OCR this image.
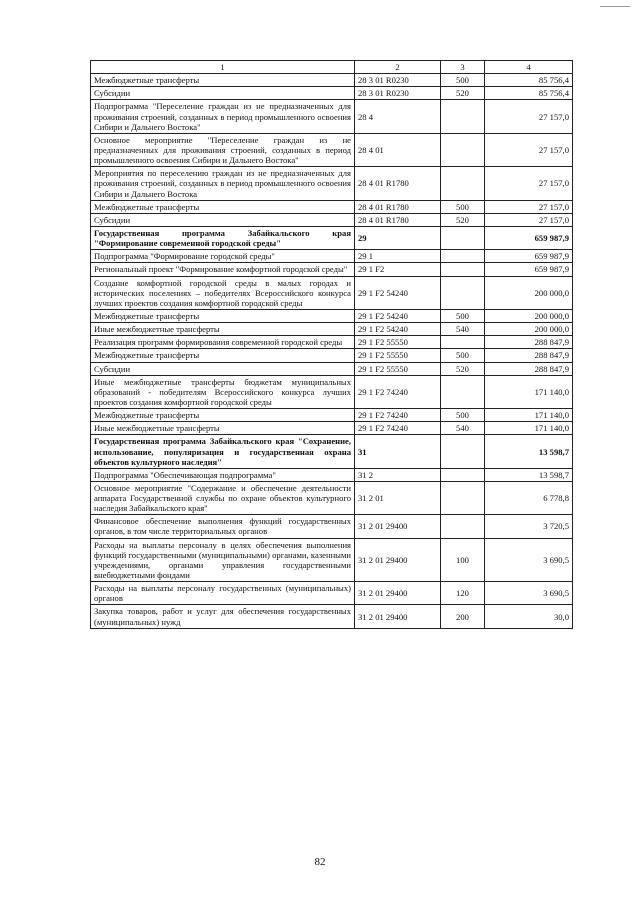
1	2	3	4
Межбюджетные трансферты	28 3 01 R0230	500	85 756,4
Субсидии	28 3 01 R0230	520	85 756,4
Подпрограмма "Переселение граждан из не предназначенных для проживания строений, созданных в период промышленного освоения Сибири и Дальнего Востока"	28 4		27 157,0
Основное мероприятие "Переселение граждан из не предназначенных для проживания строений, созданных в период промышленного освоения Сибири и Дальнего Востока"	28 4 01		27 157,0
Мероприятия по переселению граждан из не предназначенных для проживания строений, созданных в период промышленного освоения Сибири и Дальнего Востока	28 4 01 R1780		27 157,0
Межбюджетные трансферты	28 4 01 R1780	500	27 157,0
Субсидии	28 4 01 R1780	520	27 157,0
Государственная программа Забайкальского края "Формирование современной городской среды"	29		659 987,9
Подпрограмма "Формирование городской среды"	29 1		659 987,9
Региональный проект "Формирование комфортной городской среды"	29 1 F2		659 987,9
Создание комфортной городской среды в малых городах и исторических поселениях – победителях Всероссийского конкурса лучших проектов создания комфортной городской среды	29 1 F2 54240		200 000,0
Межбюджетные трансферты	29 1 F2 54240	500	200 000,0
Иные межбюджетные трансферты	29 1 F2 54240	540	200 000,0
Реализация программ формирования современной городской среды	29 1 F2 55550		288 847,9
Межбюджетные трансферты	29 1 F2 55550	500	288 847,9
Субсидии	29 1 F2 55550	520	288 847,9
Иные межбюджетные трансферты бюджетам муниципальных образований - победителям Всероссийского конкурса лучших проектов создания комфортной городской среды	29 1 F2 74240		171 140,0
Межбюджетные трансферты	29 1 F2 74240	500	171 140,0
Иные межбюджетные трансферты	29 1 F2 74240	540	171 140,0
Государственная программа Забайкальского края "Сохранение, использование, популяризация и государственная охрана объектов культурного наследия"	31		13 598,7
Подпрограмма "Обеспечивающая подпрограмма"	31 2		13 598,7
Основное мероприятие "Содержание и обеспечение деятельности аппарата Государственной службы по охране объектов культурного наследия Забайкальского края"	31 2 01		6 778,8
Финансовое обеспечение выполнения функций государственных органов, в том числе территориальных органов	31 2 01 29400		3 720,5
Расходы на выплаты персоналу в целях обеспечения выполнения функций государственными (муниципальными) органами, казенными учреждениями, органами управления государственными внебюджетными фондами	31 2 01 29400	100	3 690,5
Расходы на выплаты персоналу государственных (муниципальных) органов	31 2 01 29400	120	3 690,5
Закупка товаров, работ и услуг для обеспечения государственных (муниципальных) нужд	31 2 01 29400	200	30,0
82
